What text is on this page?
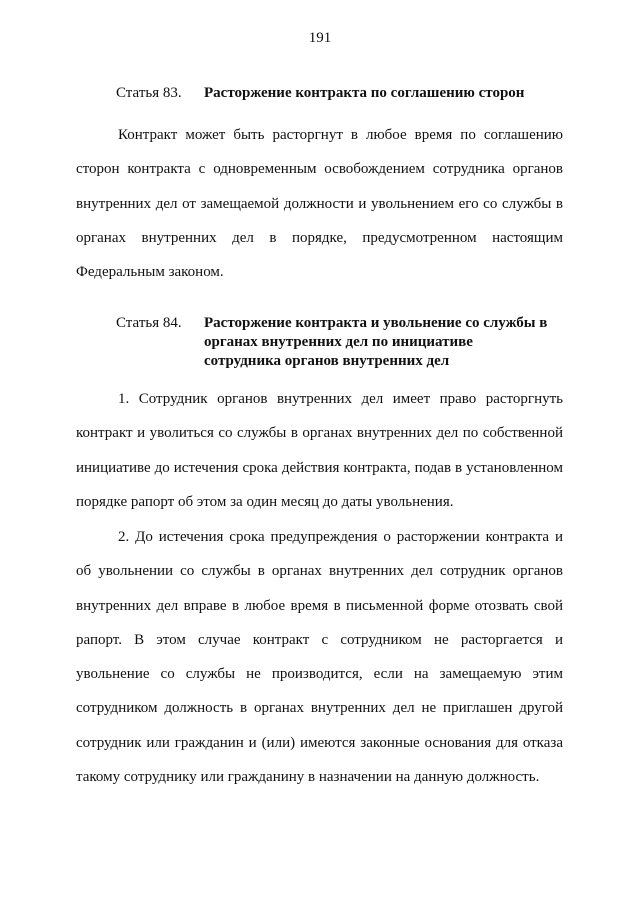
191
Статья 83. Расторжение контракта по соглашению сторон
Контракт может быть расторгнут в любое время по соглашению сторон контракта с одновременным освобождением сотрудника органов внутренних дел от замещаемой должности и увольнением его со службы в органах внутренних дел в порядке, предусмотренном настоящим Федеральным законом.
Статья 84. Расторжение контракта и увольнение со службы в органах внутренних дел по инициативе сотрудника органов внутренних дел
1. Сотрудник органов внутренних дел имеет право расторгнуть контракт и уволиться со службы в органах внутренних дел по собственной инициативе до истечения срока действия контракта, подав в установленном порядке рапорт об этом за один месяц до даты увольнения.
2. До истечения срока предупреждения о расторжении контракта и об увольнении со службы в органах внутренних дел сотрудник органов внутренних дел вправе в любое время в письменной форме отозвать свой рапорт. В этом случае контракт с сотрудником не расторгается и увольнение со службы не производится, если на замещаемую этим сотрудником должность в органах внутренних дел не приглашен другой сотрудник или гражданин и (или) имеются законные основания для отказа такому сотруднику или гражданину в назначении на данную должность.
